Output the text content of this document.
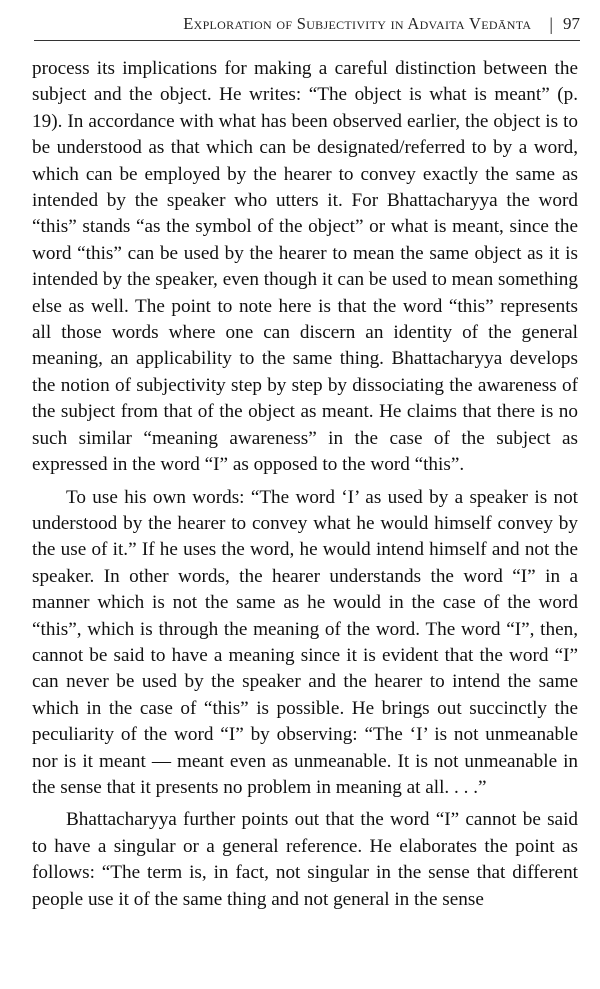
Exploration of Subjectivity in Advaita Vedānta | 97

process its implications for making a careful distinction between the subject and the object. He writes: “The object is what is meant” (p. 19). In accordance with what has been observed earlier, the object is to be understood as that which can be designated/referred to by a word, which can be employed by the hearer to convey exactly the same as intended by the speaker who utters it. For Bhattacharyya the word “this” stands “as the symbol of the object” or what is meant, since the word “this” can be used by the hearer to mean the same object as it is intended by the speaker, even though it can be used to mean something else as well. The point to note here is that the word “this” represents all those words where one can discern an identity of the general meaning, an applicability to the same thing. Bhattacharyya develops the notion of subjectivity step by step by dissociating the awareness of the subject from that of the object as meant. He claims that there is no such similar “meaning awareness” in the case of the subject as expressed in the word “I” as opposed to the word “this”.

To use his own words: “The word ‘I’ as used by a speaker is not understood by the hearer to convey what he would himself convey by the use of it.” If he uses the word, he would intend himself and not the speaker. In other words, the hearer understands the word “I” in a manner which is not the same as he would in the case of the word “this”, which is through the meaning of the word. The word “I”, then, cannot be said to have a meaning since it is evident that the word “I” can never be used by the speaker and the hearer to intend the same which in the case of “this” is possible. He brings out succinctly the peculiarity of the word “I” by observing: “The ‘I’ is not unmeanable nor is it meant — meant even as unmeanable. It is not unmeanable in the sense that it presents no problem in meaning at all. . . .”

Bhattacharyya further points out that the word “I” cannot be said to have a singular or a general reference. He elaborates the point as follows: “The term is, in fact, not singular in the sense that different people use it of the same thing and not general in the sense
